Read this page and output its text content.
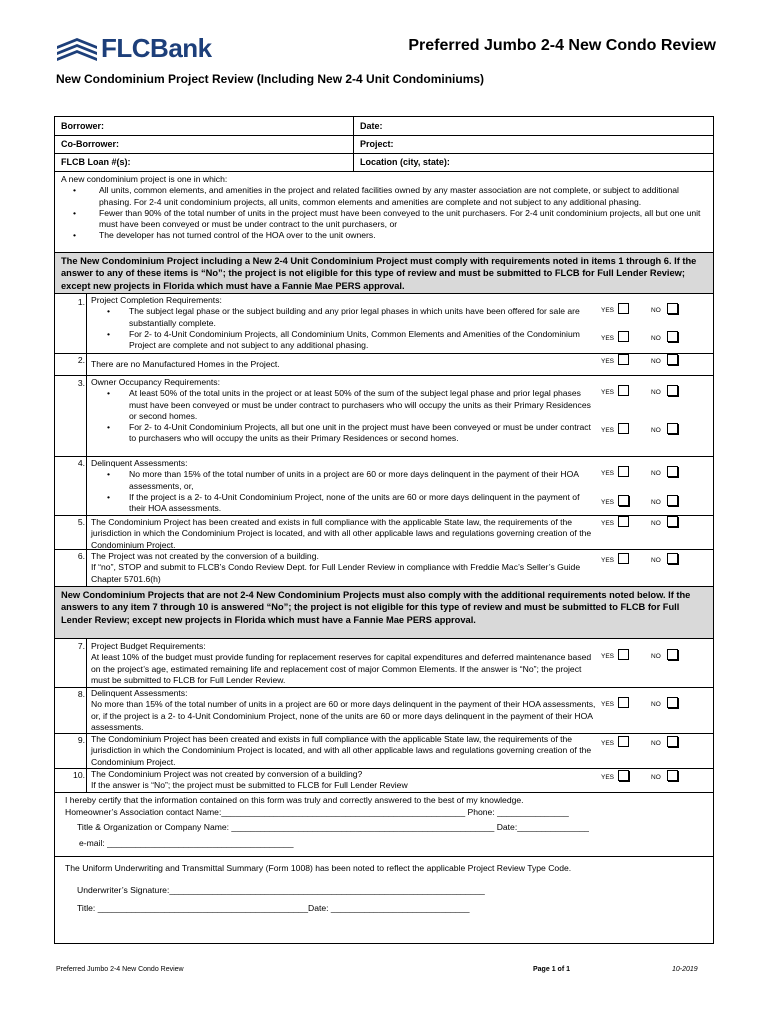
FLCBank	Preferred Jumbo 2-4 New Condo Review
New Condominium Project Review (Including New 2-4 Unit Condominiums)
Borrower:	Date:
Co-Borrower:	Project:
FLCB Loan #(s):	Location (city, state):
A new condominium project is one in which:
• All units, common elements, and amenities in the project and related facilities owned by any master association are not complete, or subject to additional phasing. For 2-4 unit condominium projects, all units, common elements and amenities are complete and not subject to any additional phasing.
• Fewer than 90% of the total number of units in the project must have been conveyed to the unit purchasers. For 2-4 unit condominium projects, all but one unit must have been conveyed or must be under contract to the unit purchasers, or
• The developer has not turned control of the HOA over to the unit owners.
The New Condominium Project including a New 2-4 Unit Condominium Project must comply with requirements noted in items 1 through 6. If the answer to any of these items is “No”; the project is not eligible for this type of review and must be submitted to FLCB for Full Lender Review; except new projects in Florida which must have a Fannie Mae PERS approval.
1. Project Completion Requirements:
• The subject legal phase or the subject building and any prior legal phases in which units have been offered for sale are substantially complete.
• For 2- to 4-Unit Condominium Projects, all Condominium Units, Common Elements and Amenities of the Condominium Project are complete and not subject to any additional phasing.
YES	NO
YES	NO
2. There are no Manufactured Homes in the Project.	YES	NO
3. Owner Occupancy Requirements:
• At least 50% of the total units in the project or at least 50% of the sum of the subject legal phase and prior legal phases must have been conveyed or must be under contract to purchasers who will occupy the units as their Primary Residences or second homes.
• For 2- to 4-Unit Condominium Projects, all but one unit in the project must have been conveyed or must be under contract to purchasers who will occupy the units as their Primary Residences or second homes.
YES	NO
YES	NO
4. Delinquent Assessments:
• No more than 15% of the total number of units in a project are 60 or more days delinquent in the payment of their HOA assessments, or,
• If the project is a 2- to 4-Unit Condominium Project, none of the units are 60 or more days delinquent in the payment of their HOA assessments.
YES	NO
YES	NO
5. The Condominium Project has been created and exists in full compliance with the applicable State law, the requirements of the jurisdiction in which the Condominium Project is located, and with all other applicable laws and regulations governing creation of the Condominium Project.
YES	NO
6. The Project was not created by the conversion of a building.
If “no”, STOP and submit to FLCB’s Condo Review Dept. for Full Lender Review in compliance with Freddie Mac’s Seller’s Guide Chapter 5701.6(h)
YES	NO
New Condominium Projects that are not 2-4 New Condominium Projects must also comply with the additional requirements noted below. If the answers to any item 7 through 10 is answered “No”; the project is not eligible for this type of review and must be submitted to FLCB for Full Lender Review; except new projects in Florida which must have a Fannie Mae PERS approval.
7. Project Budget Requirements:
At least 10% of the budget must provide funding for replacement reserves for capital expenditures and deferred maintenance based on the project’s age, estimated remaining life and replacement cost of major Common Elements. If the answer is “No”; the project must be submitted to FLCB for Full Lender Review.
YES	NO
8. Delinquent Assessments:
No more than 15% of the total number of units in a project are 60 or more days delinquent in the payment of their HOA assessments, or, if the project is a 2- to 4-Unit Condominium Project, none of the units are 60 or more days delinquent in the payment of their HOA assessments.
YES	NO
9. The Condominium Project has been created and exists in full compliance with the applicable State law, the requirements of the jurisdiction in which the Condominium Project is located, and with all other applicable laws and regulations governing creation of the Condominium Project.
YES	NO
10. The Condominium Project was not created by conversion of a building?
If the answer is “No”; the project must be submitted to FLCB for Full Lender Review
YES	NO
I hereby certify that the information contained on this form was truly and correctly answered to the best of my knowledge.
Homeowner’s Association contact Name:___________________________________________________ Phone: _______________
Title & Organization or Company Name: _______________________________________________________ Date:_______________
e-mail: _______________________________________
The Uniform Underwriting and Transmittal Summary (Form 1008) has been noted to reflect the applicable Project Review Type Code.
Underwriter’s Signature:__________________________________________________________________
Title: ____________________________________________Date: _____________________________
Preferred Jumbo 2-4 New Condo Review	Page 1 of 1	10-2019
